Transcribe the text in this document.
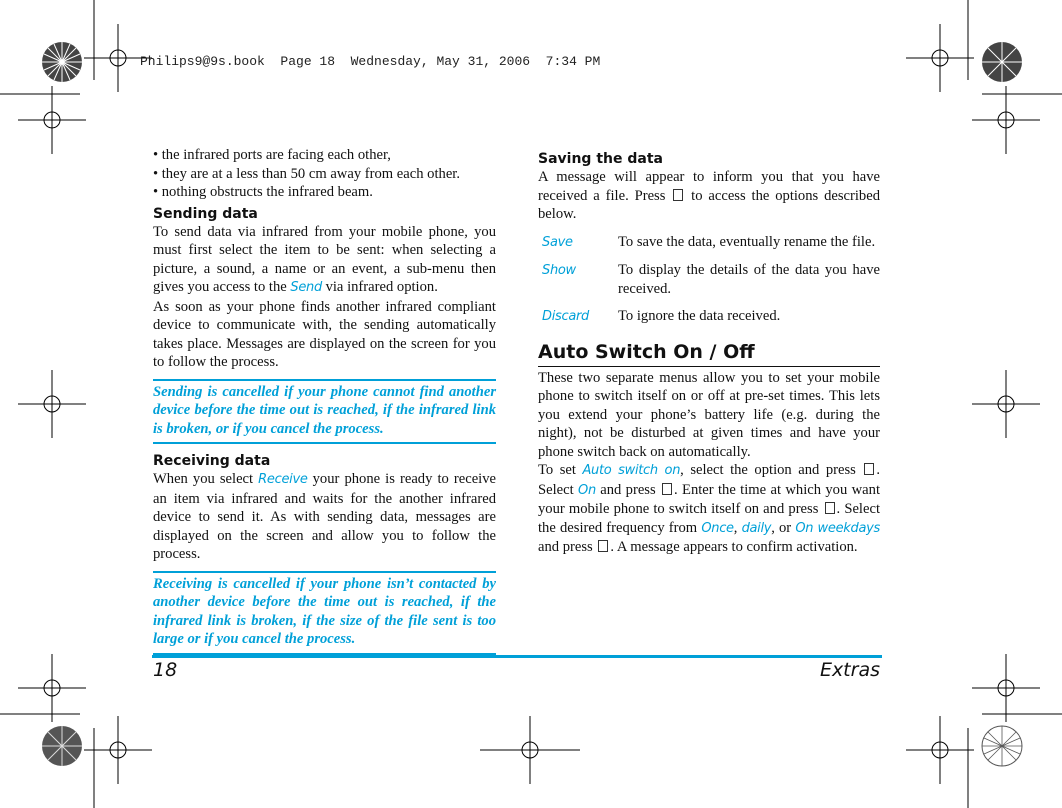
Philips9@9s.book  Page 18  Wednesday, May 31, 2006  7:34 PM

• the infrared ports are facing each other,

• they are at a less than 50 cm away from each other.

• nothing obstructs the infrared beam.

Sending data

To send data via infrared from your mobile phone, you must first select the item to be sent: when selecting a picture, a sound, a name or an event, a sub-menu then gives you access to the Send via infrared option.

As soon as your phone finds another infrared compliant device to communicate with, the sending automatically takes place. Messages are displayed on the screen for you to follow the process.

Sending is cancelled if your phone cannot find another device before the time out is reached, if the infrared link is broken, or if you cancel the process.
Receiving data

When you select Receive your phone is ready to receive an item via infrared and waits for the another infrared device to send it. As with sending data, messages are displayed on the screen and allow you to follow the process.

Receiving is cancelled if your phone isn’t contacted by another device before the time out is reached, if the infrared link is broken, if the size of the file sent is too large or if you cancel the process.
Saving the data

A message will appear to inform you that you have received a file. Press  to access the options described below.

Save	To save the data, eventually rename the file.

Show	To display the details of the data you have received.

Discard	To ignore the data received.
Auto Switch On / Off

These two separate menus allow you to set your mobile phone to switch itself on or off at pre-set times. This lets you extend your phone’s battery life (e.g. during the night), not be disturbed at given times and have your phone switch back on automatically.

To set Auto switch on, select the option and press . Select On and press . Enter the time at which you want your mobile phone to switch itself on and press . Select the desired frequency from Once, daily, or On weekdays and press . A message appears to confirm activation.

18	Extras
